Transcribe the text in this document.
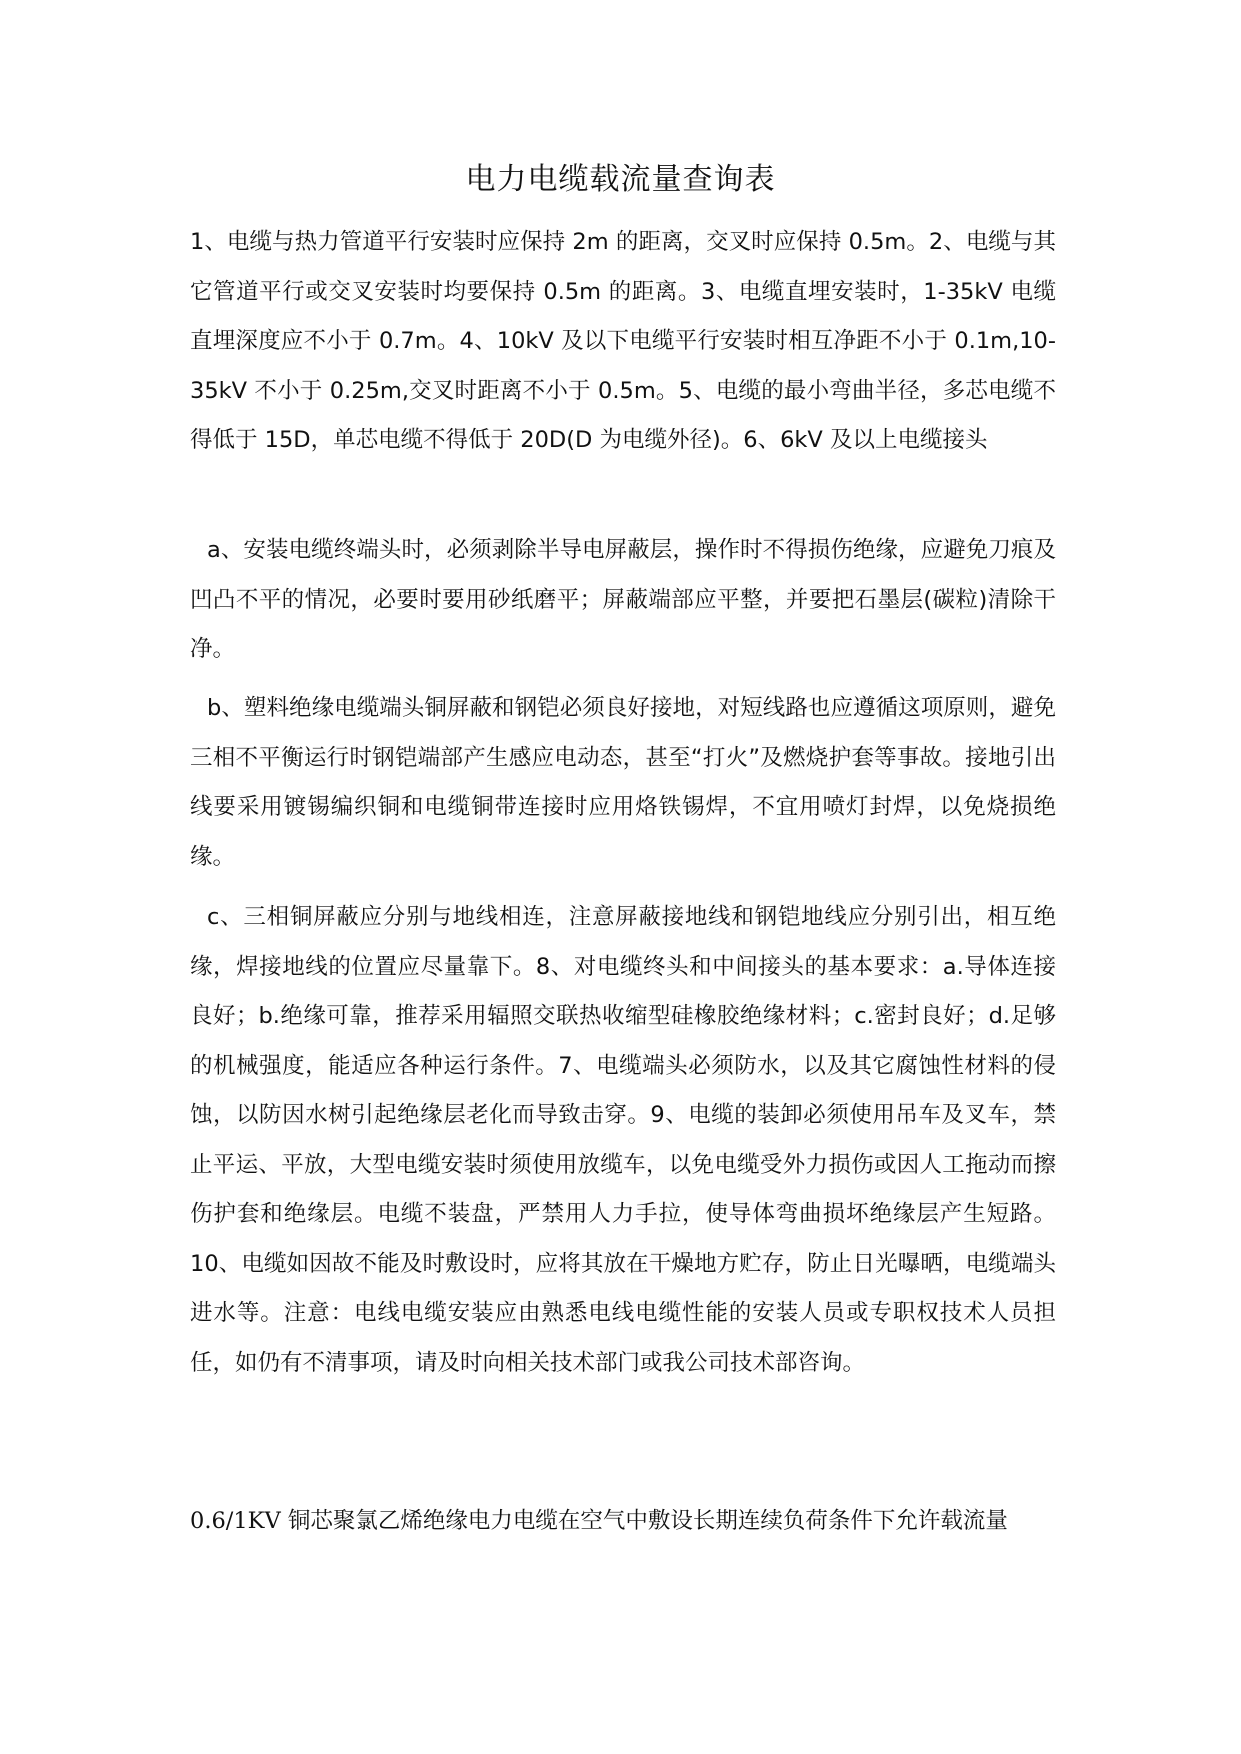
电力电缆载流量查询表

1、电缆与热力管道平行安装时应保持 2m 的距离，交叉时应保持 0.5m。2、电缆与其它管道平行或交叉安装时均要保持 0.5m 的距离。3、电缆直埋安装时，1-35kV 电缆直埋深度应不小于 0.7m。4、10kV 及以下电缆平行安装时相互净距不小于 0.1m,10-35kV 不小于 0.25m,交叉时距离不小于 0.5m。5、电缆的最小弯曲半径，多芯电缆不得低于 15D，单芯电缆不得低于 20D(D 为电缆外径)。6、6kV 及以上电缆接头

a、安装电缆终端头时，必须剥除半导电屏蔽层，操作时不得损伤绝缘，应避免刀痕及凹凸不平的情况，必要时要用砂纸磨平；屏蔽端部应平整，并要把石墨层(碳粒)清除干净。

b、塑料绝缘电缆端头铜屏蔽和钢铠必须良好接地，对短线路也应遵循这项原则，避免三相不平衡运行时钢铠端部产生感应电动态，甚至“打火”及燃烧护套等事故。接地引出线要采用镀锡编织铜和电缆铜带连接时应用烙铁锡焊，不宜用喷灯封焊，以免烧损绝缘。

c、三相铜屏蔽应分别与地线相连，注意屏蔽接地线和钢铠地线应分别引出，相互绝缘，焊接地线的位置应尽量靠下。8、对电缆终头和中间接头的基本要求：a.导体连接良好；b.绝缘可靠，推荐采用辐照交联热收缩型硅橡胶绝缘材料；c.密封良好；d.足够的机械强度，能适应各种运行条件。7、电缆端头必须防水，以及其它腐蚀性材料的侵蚀，以防因水树引起绝缘层老化而导致击穿。9、电缆的装卸必须使用吊车及叉车，禁止平运、平放，大型电缆安装时须使用放缆车，以免电缆受外力损伤或因人工拖动而擦伤护套和绝缘层。电缆不装盘，严禁用人力手拉，使导体弯曲损坏绝缘层产生短路。10、电缆如因故不能及时敷设时，应将其放在干燥地方贮存，防止日光曝晒，电缆端头进水等。注意：电线电缆安装应由熟悉电线电缆性能的安装人员或专职权技术人员担任，如仍有不清事项，请及时向相关技术部门或我公司技术部咨询。

0.6/1KV 铜芯聚氯乙烯绝缘电力电缆在空气中敷设长期连续负荷条件下允许载流量
